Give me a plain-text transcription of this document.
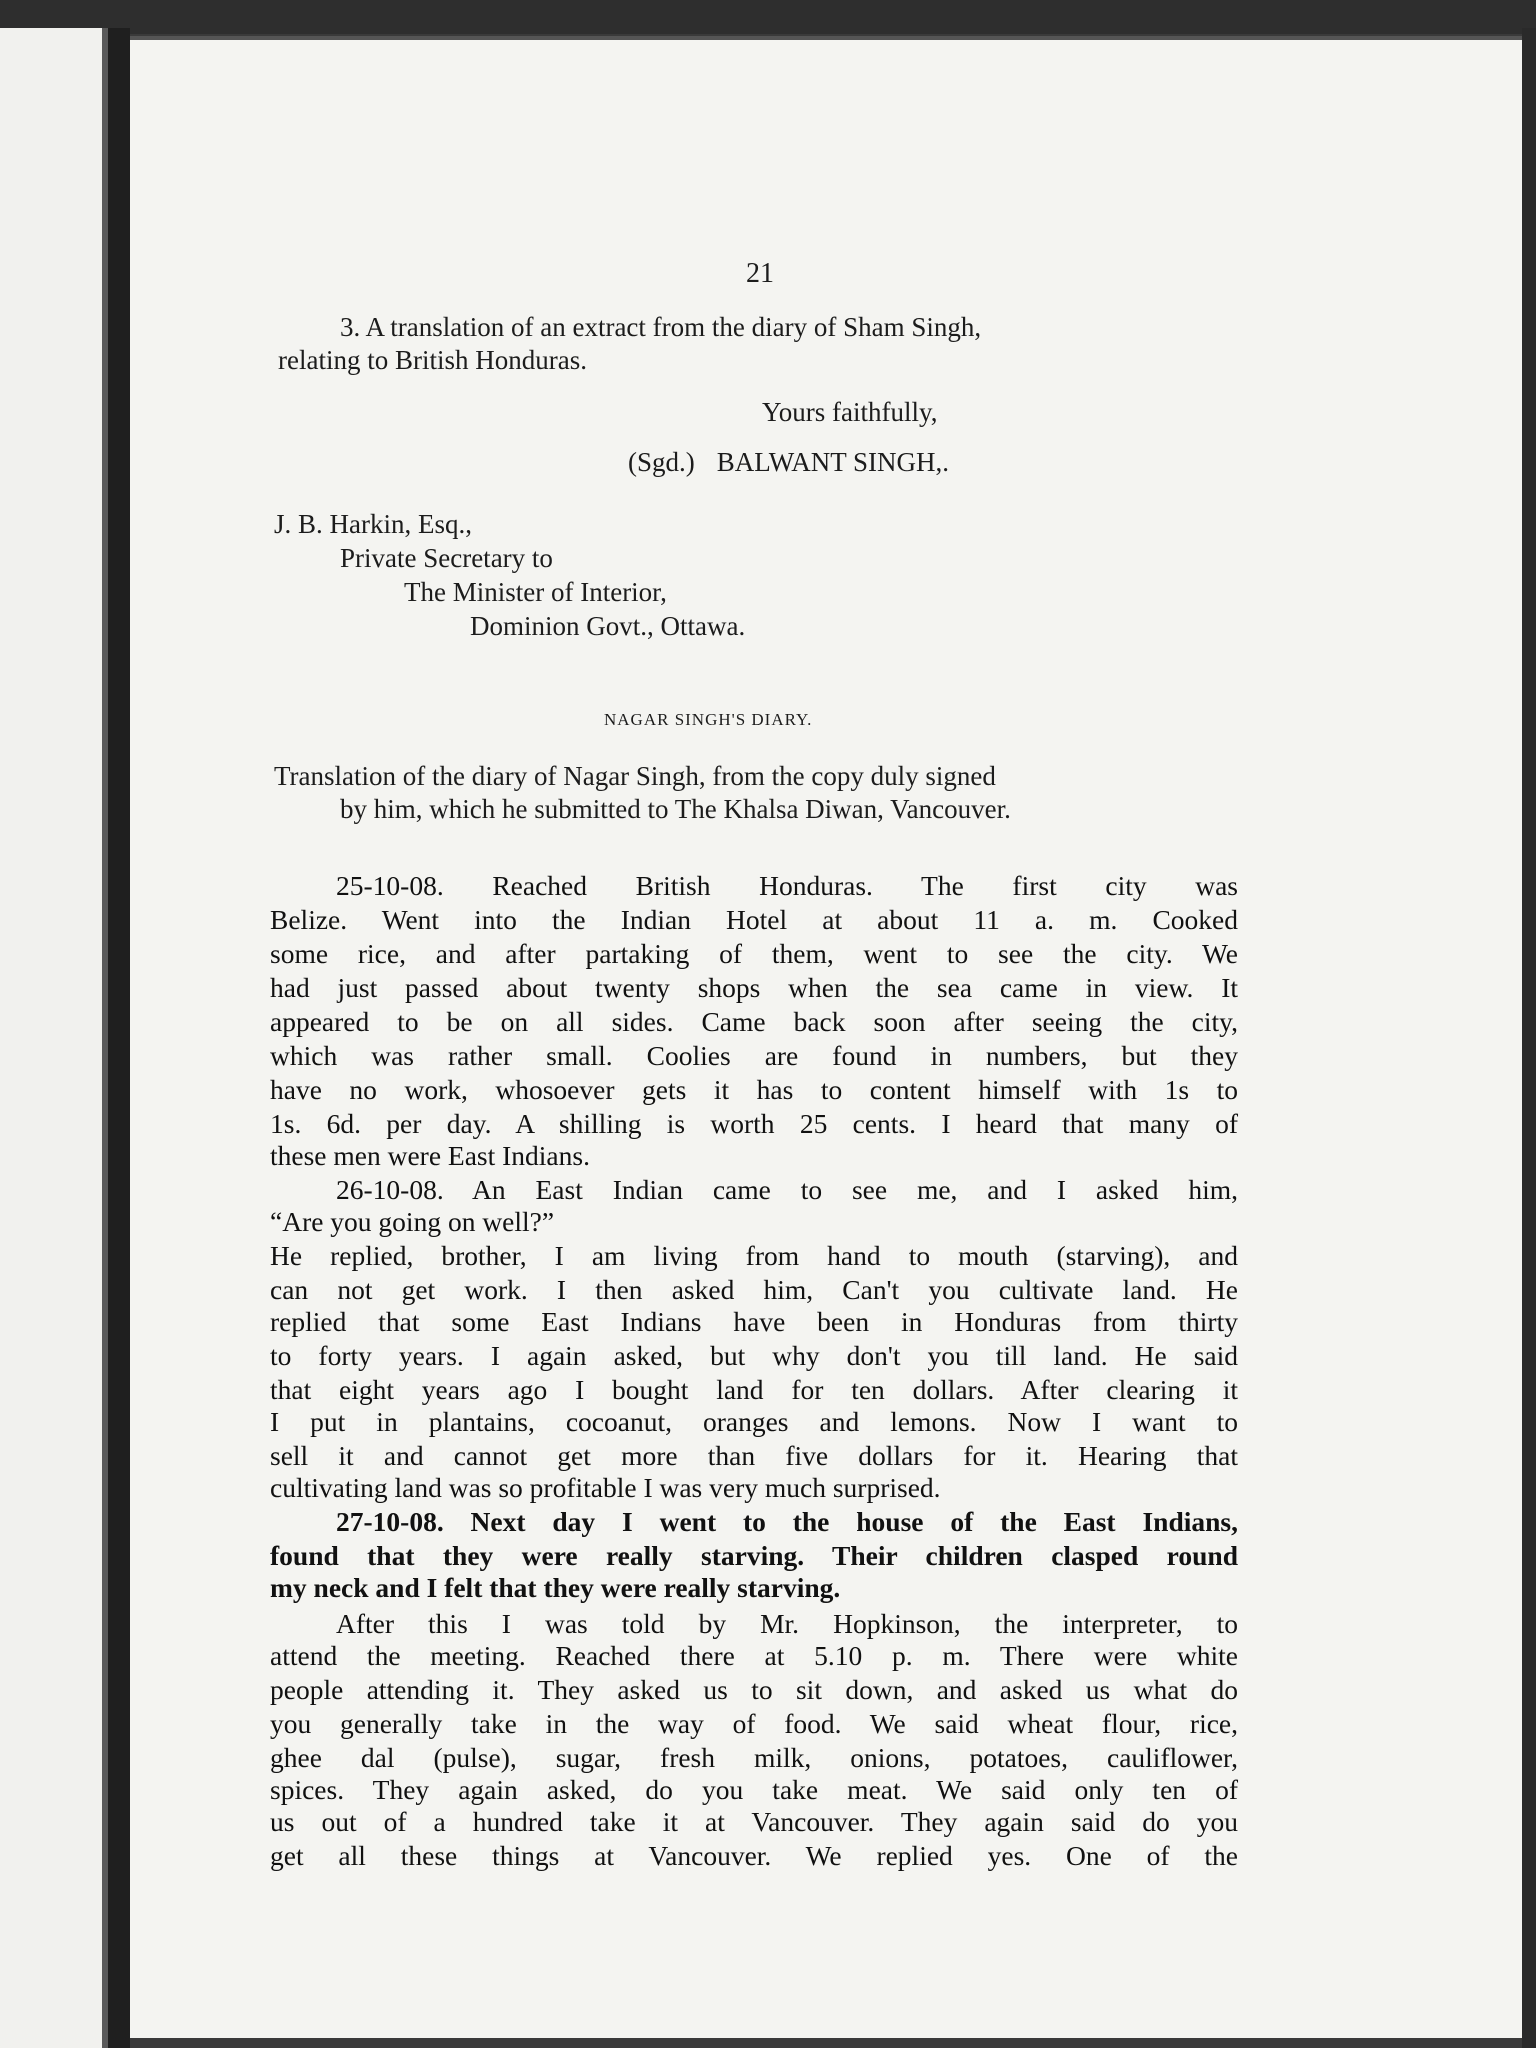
21
3. A translation of an extract from the diary of Sham Singh,
relating to British Honduras.
Yours faithfully,
(Sgd.) BALWANT SINGH,.
J. B. Harkin, Esq.,
Private Secretary to
The Minister of Interior,
Dominion Govt., Ottawa.
NAGAR SINGH'S DIARY.
Translation of the diary of Nagar Singh, from the copy duly signed
by him, which he submitted to The Khalsa Diwan, Vancouver.
25-10-08. Reached British Honduras. The first city was
Belize. Went into the Indian Hotel at about 11 a. m. Cooked
some rice, and after partaking of them, went to see the city. We
had just passed about twenty shops when the sea came in view. It
appeared to be on all sides. Came back soon after seeing the city,
which was rather small. Coolies are found in numbers, but they
have no work, whosoever gets it has to content himself with 1s to
1s. 6d. per day. A shilling is worth 25 cents. I heard that many of
these men were East Indians.
26-10-08. An East Indian came to see me, and I asked him,
“Are you going on well?”
He replied, brother, I am living from hand to mouth (starving), and
can not get work. I then asked him, Can't you cultivate land. He
replied that some East Indians have been in Honduras from thirty
to forty years. I again asked, but why don't you till land. He said
that eight years ago I bought land for ten dollars. After clearing it
I put in plantains, cocoanut, oranges and lemons. Now I want to
sell it and cannot get more than five dollars for it. Hearing that
cultivating land was so profitable I was very much surprised.
27-10-08. Next day I went to the house of the East Indians,
found that they were really starving. Their children clasped round
my neck and I felt that they were really starving.
After this I was told by Mr. Hopkinson, the interpreter, to
attend the meeting. Reached there at 5.10 p. m. There were white
people attending it. They asked us to sit down, and asked us what do
you generally take in the way of food. We said wheat flour, rice,
ghee dal (pulse), sugar, fresh milk, onions, potatoes, cauliflower,
spices. They again asked, do you take meat. We said only ten of
us out of a hundred take it at Vancouver. They again said do you
get all these things at Vancouver. We replied yes. One of the
